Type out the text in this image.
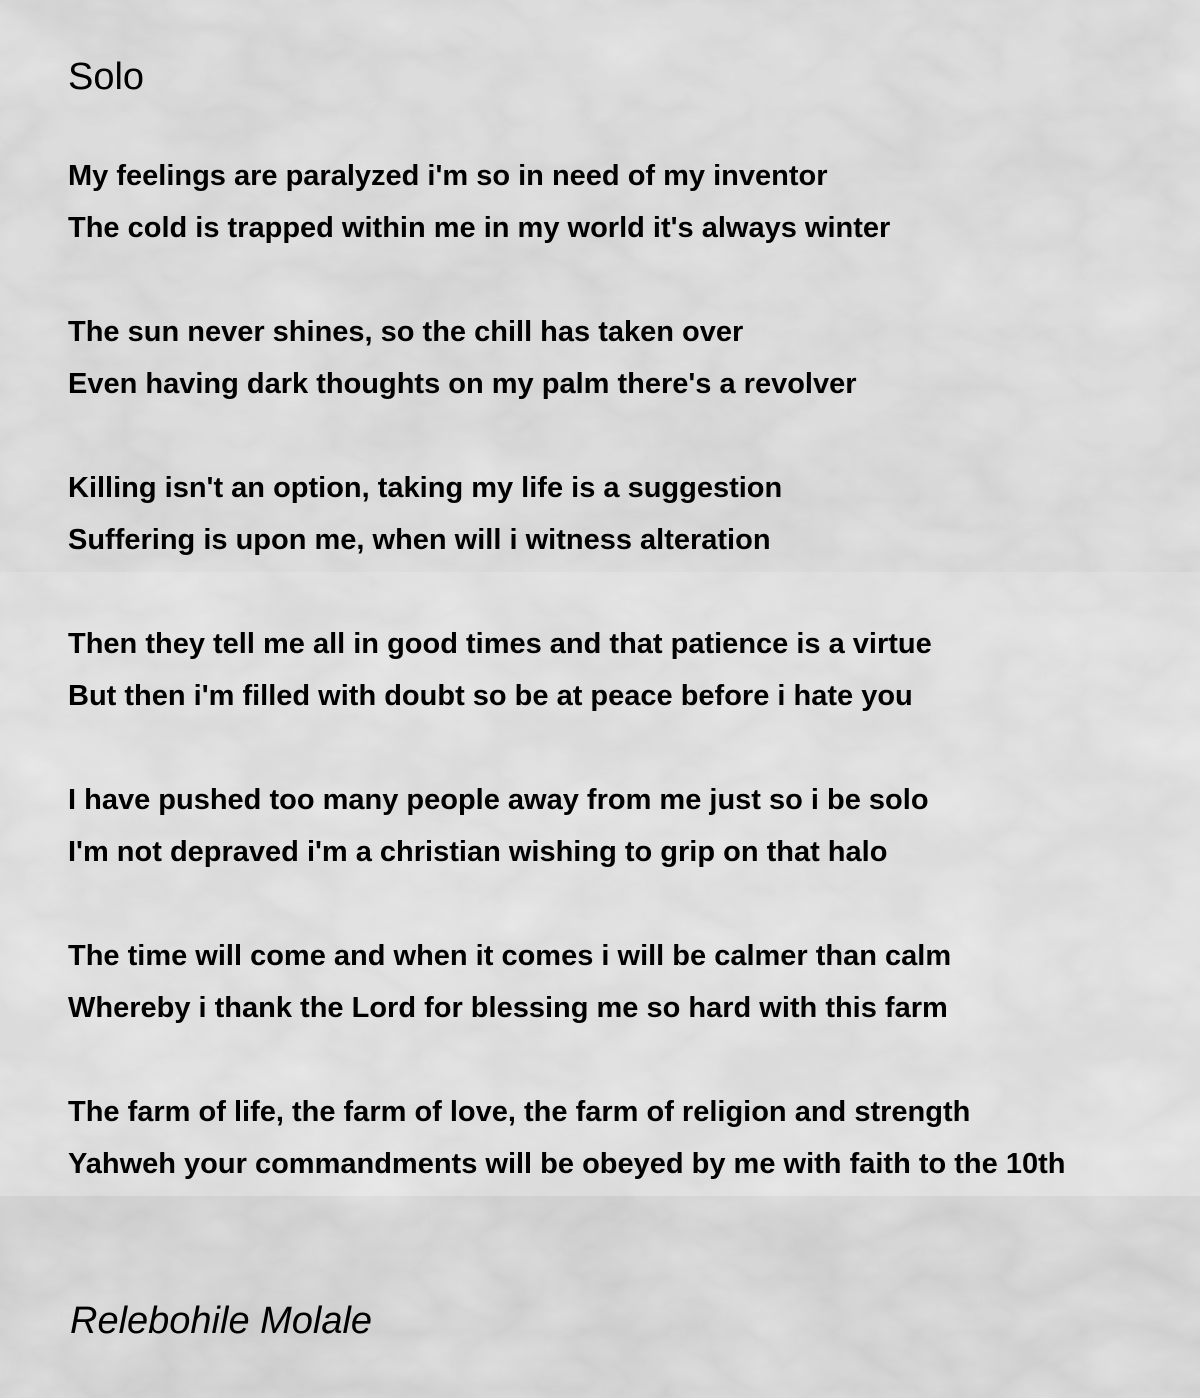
Solo
My feelings are paralyzed i'm so in need of my inventor
The cold is trapped within me in my world it's always winter
The sun never shines, so the chill has taken over
Even having dark thoughts on my palm there's a revolver
Killing isn't an option, taking my life is a suggestion
Suffering is upon me, when will i witness alteration
Then they tell me all in good times and that patience is a virtue
But then i'm filled with doubt so be at peace before i hate you
I have pushed too many people away from me just so i be solo
I'm not depraved i'm a christian wishing to grip on that halo
The time will come and when it comes i will be calmer than calm
Whereby i thank the Lord for blessing me so hard with this farm
The farm of life, the farm of love, the farm of religion and strength
Yahweh your commandments will be obeyed by me with faith to the 10th
Relebohile Molale
